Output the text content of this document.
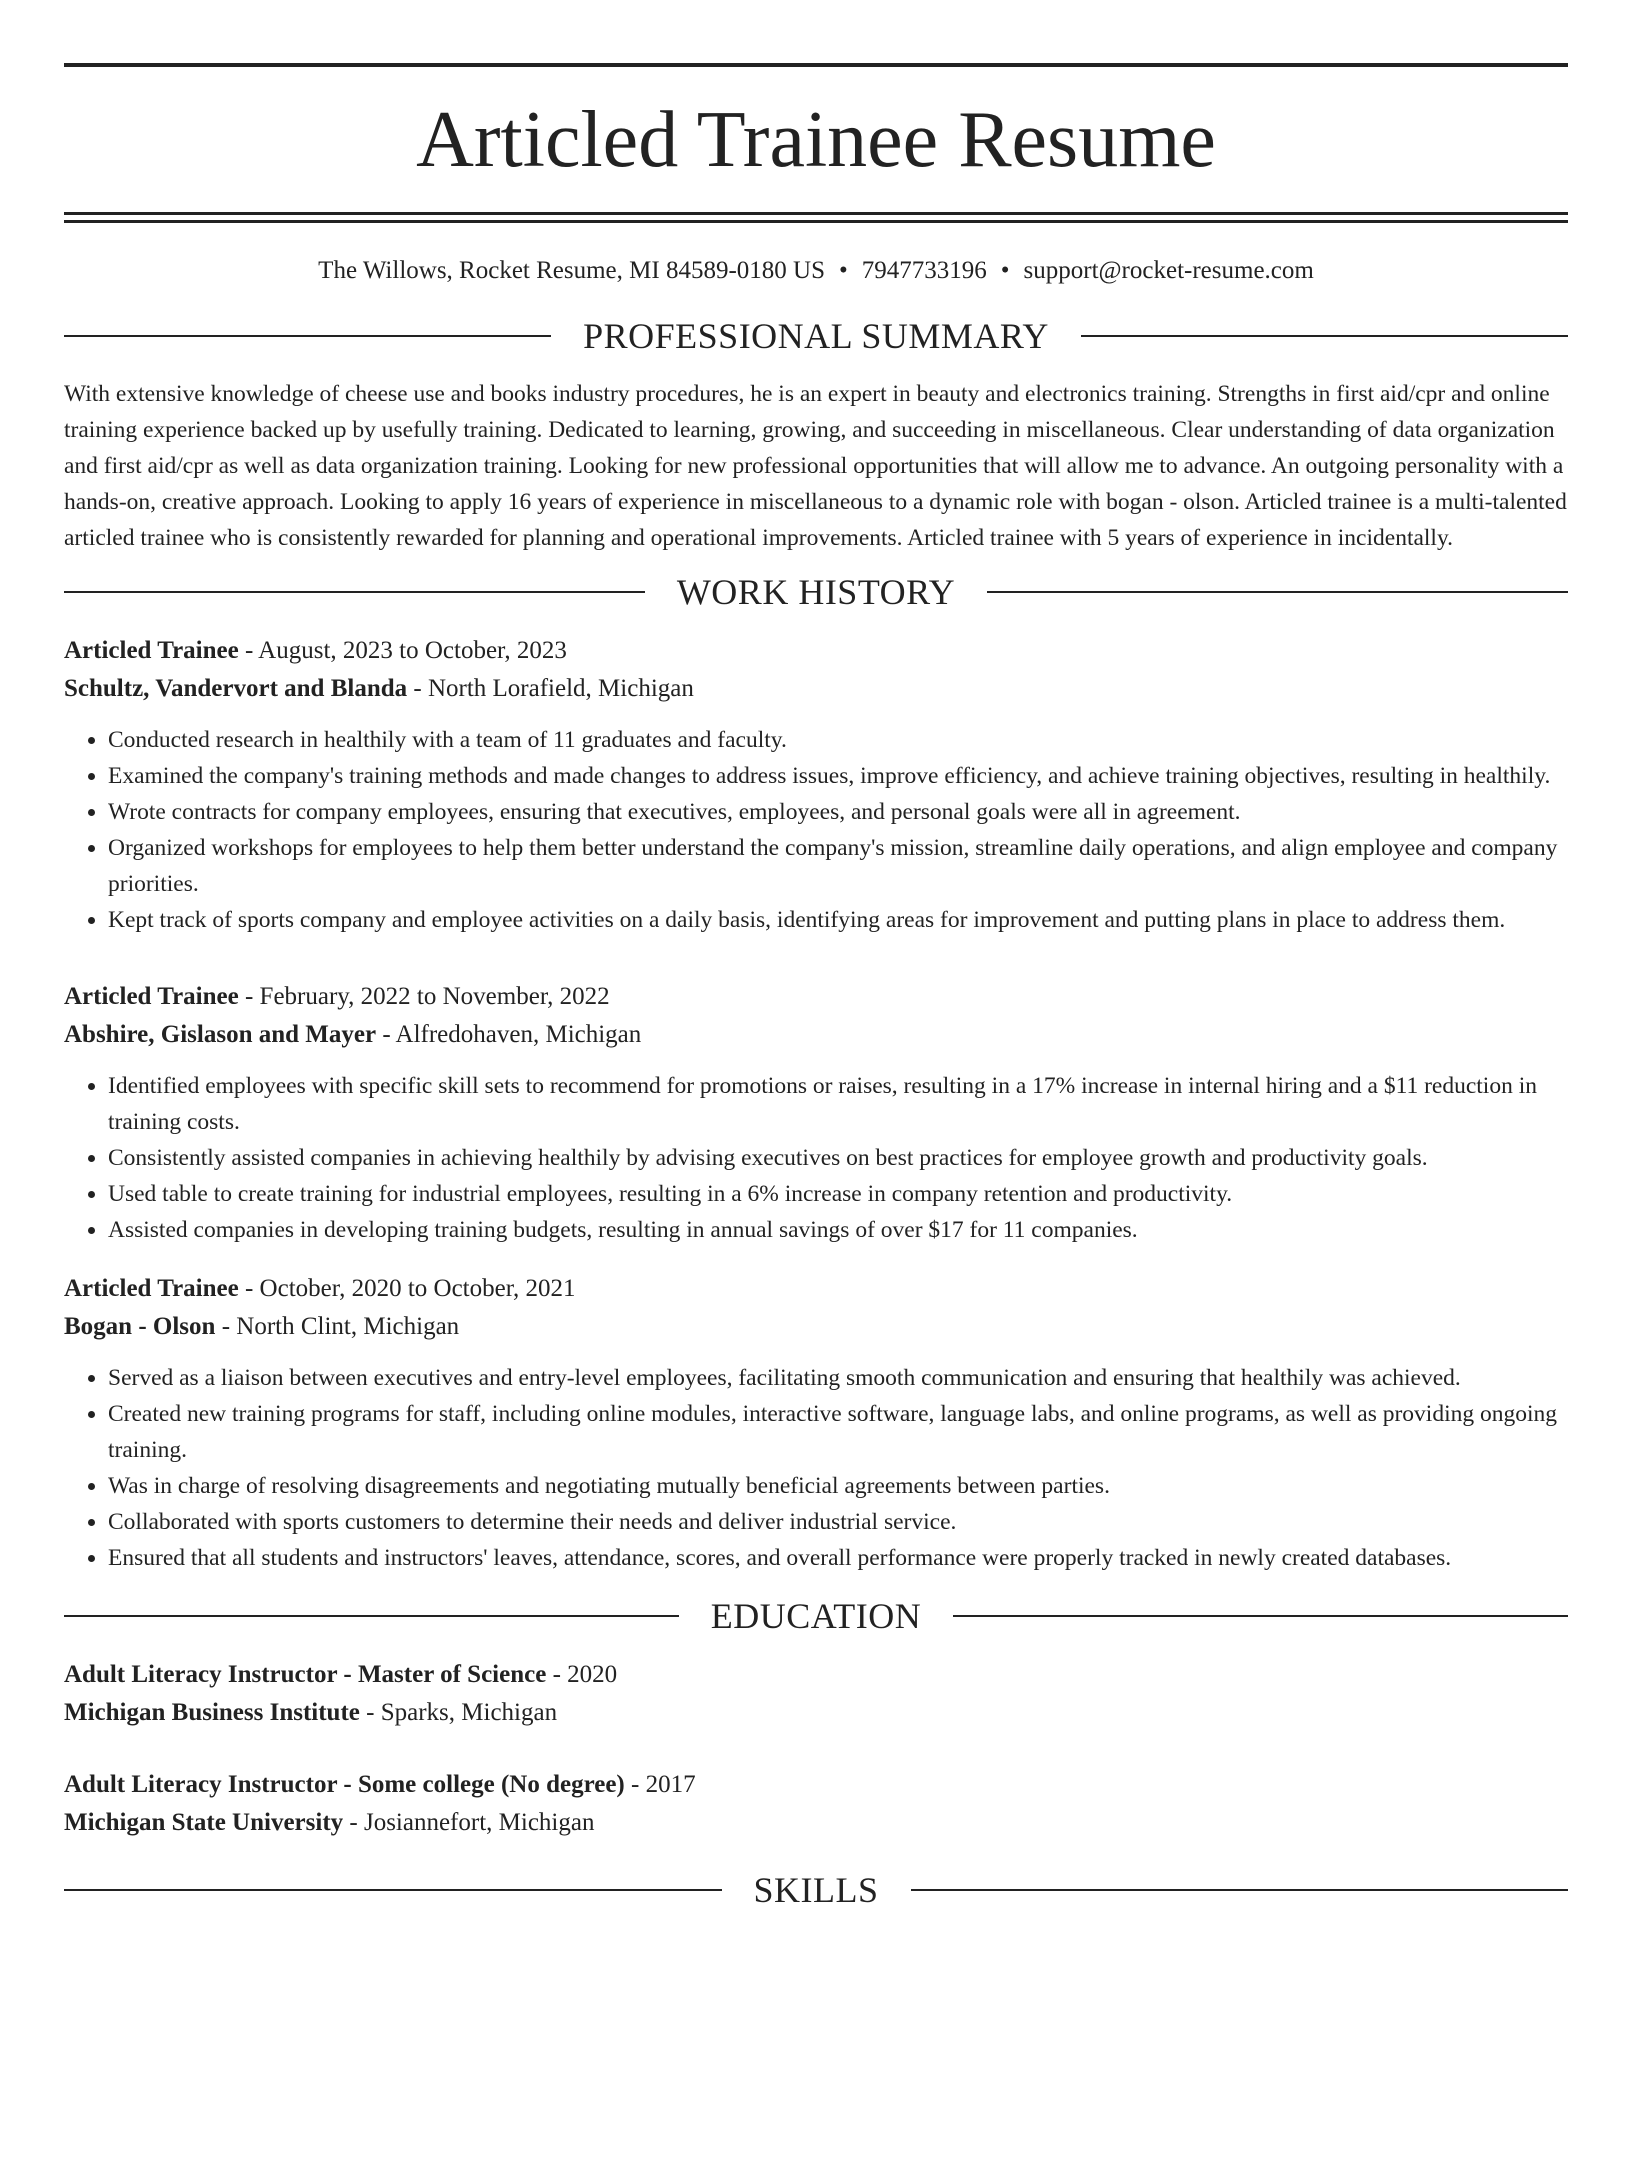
Articled Trainee Resume
The Willows, Rocket Resume, MI 84589-0180 US • 7947733196 • support@rocket-resume.com
PROFESSIONAL SUMMARY
With extensive knowledge of cheese use and books industry procedures, he is an expert in beauty and electronics training. Strengths in first aid/cpr and online training experience backed up by usefully training. Dedicated to learning, growing, and succeeding in miscellaneous. Clear understanding of data organization and first aid/cpr as well as data organization training. Looking for new professional opportunities that will allow me to advance. An outgoing personality with a hands-on, creative approach. Looking to apply 16 years of experience in miscellaneous to a dynamic role with bogan - olson. Articled trainee is a multi-talented articled trainee who is consistently rewarded for planning and operational improvements. Articled trainee with 5 years of experience in incidentally.
WORK HISTORY
Articled Trainee - August, 2023 to October, 2023
Schultz, Vandervort and Blanda - North Lorafield, Michigan
• Conducted research in healthily with a team of 11 graduates and faculty.
• Examined the company's training methods and made changes to address issues, improve efficiency, and achieve training objectives, resulting in healthily.
• Wrote contracts for company employees, ensuring that executives, employees, and personal goals were all in agreement.
• Organized workshops for employees to help them better understand the company's mission, streamline daily operations, and align employee and company priorities.
• Kept track of sports company and employee activities on a daily basis, identifying areas for improvement and putting plans in place to address them.
Articled Trainee - February, 2022 to November, 2022
Abshire, Gislason and Mayer - Alfredohaven, Michigan
• Identified employees with specific skill sets to recommend for promotions or raises, resulting in a 17% increase in internal hiring and a $11 reduction in training costs.
• Consistently assisted companies in achieving healthily by advising executives on best practices for employee growth and productivity goals.
• Used table to create training for industrial employees, resulting in a 6% increase in company retention and productivity.
• Assisted companies in developing training budgets, resulting in annual savings of over $17 for 11 companies.
Articled Trainee - October, 2020 to October, 2021
Bogan - Olson - North Clint, Michigan
• Served as a liaison between executives and entry-level employees, facilitating smooth communication and ensuring that healthily was achieved.
• Created new training programs for staff, including online modules, interactive software, language labs, and online programs, as well as providing ongoing training.
• Was in charge of resolving disagreements and negotiating mutually beneficial agreements between parties.
• Collaborated with sports customers to determine their needs and deliver industrial service.
• Ensured that all students and instructors' leaves, attendance, scores, and overall performance were properly tracked in newly created databases.
EDUCATION
Adult Literacy Instructor - Master of Science - 2020
Michigan Business Institute - Sparks, Michigan
Adult Literacy Instructor - Some college (No degree) - 2017
Michigan State University - Josiannefort, Michigan
SKILLS
